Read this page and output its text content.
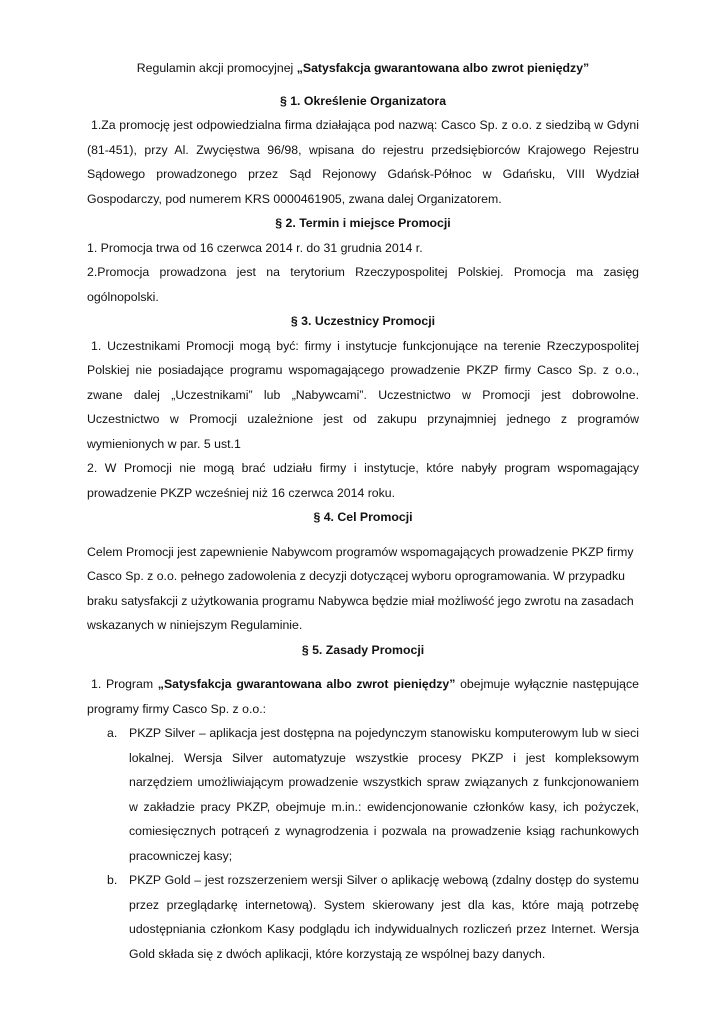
Regulamin akcji promocyjnej „Satysfakcja gwarantowana albo zwrot pieniędzy”

§ 1. Określenie Organizatora

1.Za promocję jest odpowiedzialna firma działająca pod nazwą: Casco Sp. z o.o. z siedzibą w Gdyni (81-451), przy Al. Zwycięstwa 96/98, wpisana do rejestru przedsiębiorców Krajowego Rejestru Sądowego prowadzonego przez Sąd Rejonowy Gdańsk-Północ w Gdańsku, VIII Wydział Gospodarczy, pod numerem KRS 0000461905, zwana dalej Organizatorem.

§ 2. Termin i miejsce Promocji

1. Promocja trwa od 16 czerwca 2014 r. do 31 grudnia 2014 r.

2.Promocja prowadzona jest na terytorium Rzeczypospolitej Polskiej. Promocja ma zasięg ogólnopolski.

§ 3. Uczestnicy Promocji

1. Uczestnikami Promocji mogą być: firmy i instytucje funkcjonujące na terenie Rzeczypospolitej Polskiej nie posiadające programu wspomagającego prowadzenie PKZP firmy Casco Sp. z o.o., zwane dalej „Uczestnikami” lub „Nabywcami”. Uczestnictwo w Promocji jest dobrowolne. Uczestnictwo w Promocji uzależnione jest od zakupu przynajmniej jednego z programów wymienionych w par. 5 ust.1

2. W Promocji nie mogą brać udziału firmy i instytucje, które nabyły program wspomagający prowadzenie PKZP wcześniej niż 16 czerwca 2014 roku.

§ 4. Cel Promocji

Celem Promocji jest zapewnienie Nabywcom programów wspomagających prowadzenie PKZP firmy
Casco Sp. z o.o. pełnego zadowolenia z decyzji dotyczącej wyboru oprogramowania. W przypadku
braku satysfakcji z użytkowania programu Nabywca będzie miał możliwość jego zwrotu na zasadach
wskazanych w niniejszym Regulaminie.

§ 5. Zasady Promocji

1. Program „Satysfakcja gwarantowana albo zwrot pieniędzy” obejmuje wyłącznie następujące programy firmy Casco Sp. z o.o.:

a. PKZP Silver – aplikacja jest dostępna na pojedynczym stanowisku komputerowym lub w sieci lokalnej. Wersja Silver automatyzuje wszystkie procesy PKZP i jest kompleksowym narzędziem umożliwiającym prowadzenie wszystkich spraw związanych z funkcjonowaniem w zakładzie pracy PKZP, obejmuje m.in.: ewidencjonowanie członków kasy, ich pożyczek, comiesięcznych potrąceń z wynagrodzenia i pozwala na prowadzenie ksiąg rachunkowych pracowniczej kasy;
b. PKZP Gold – jest rozszerzeniem wersji Silver o aplikację webową (zdalny dostęp do systemu przez przeglądarkę internetową). System skierowany jest dla kas, które mają potrzebę udostępniania członkom Kasy podglądu ich indywidualnych rozliczeń przez Internet. Wersja Gold składa się z dwóch aplikacji, które korzystają ze wspólnej bazy danych.
